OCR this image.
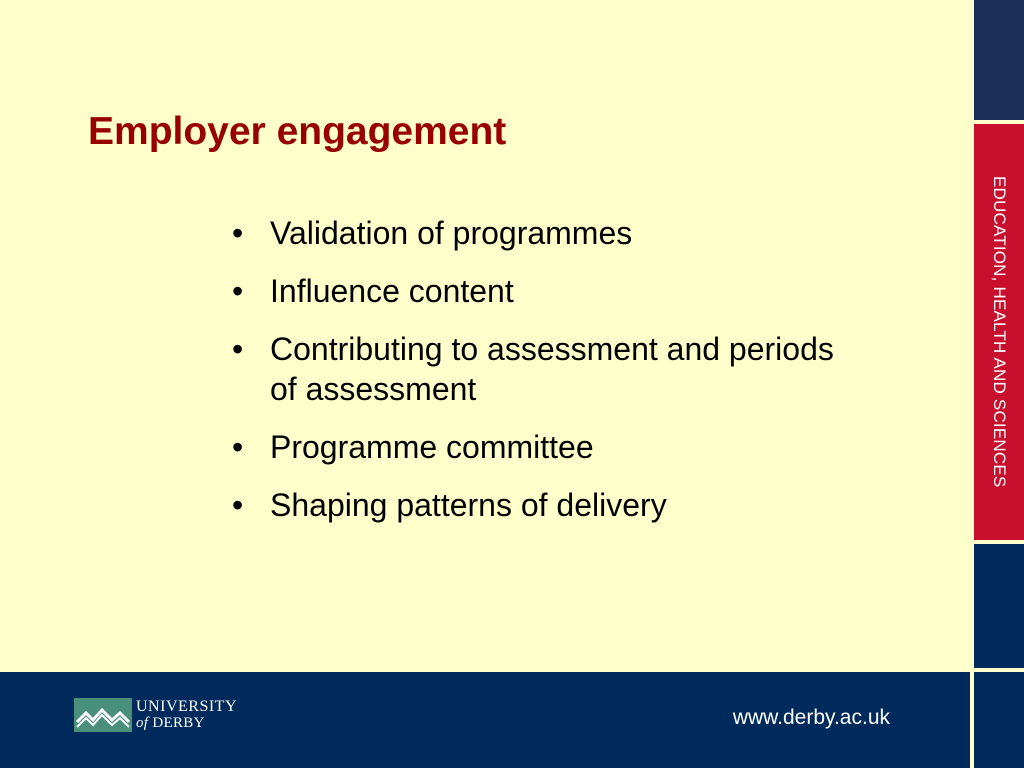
Employer engagement
• Validation of programmes
• Influence content
• Contributing to assessment and periods of assessment
• Programme committee
• Shaping patterns of delivery
EDUCATION, HEALTH AND SCIENCES
UNIVERSITY
of DERBY	www.derby.ac.uk
